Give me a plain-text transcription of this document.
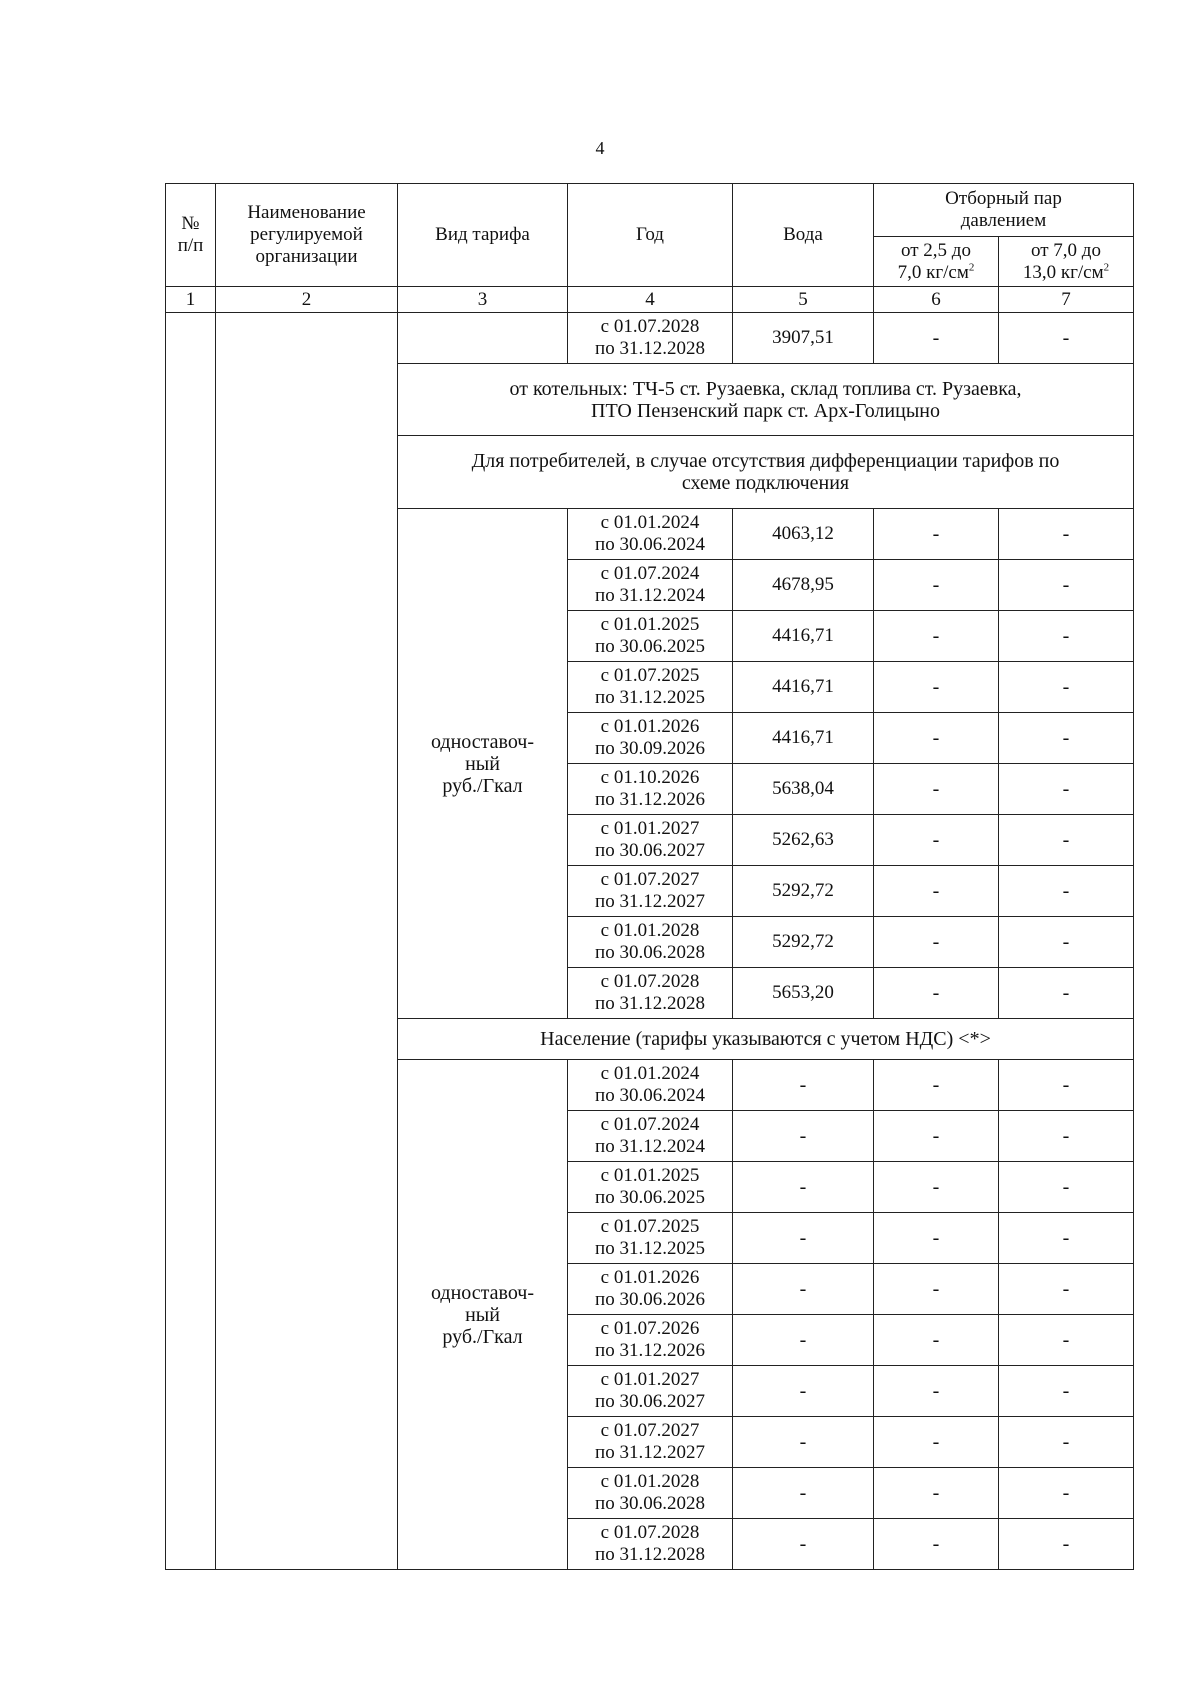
4
№
п/п	Наименование
регулируемой
организации	Вид тарифа	Год	Вода	Отборный пар
давлением	
					от 2,5 до
7,0 $кг/см^2$	от 7,0 до
13,0 $кг/см^2$
1	2	3	4	5	6	7
			с 01.07.2028
по 31.12.2028	3907,51	-	-
		от котельных: ТЧ-5 ст. Рузаевка, склад топлива ст. Рузаевка,
ПТО Пензенский парк ст. Арх-Голицыно				
		Для потребителей, в случае отсутствия дифференциации тарифов по
схеме подключения				
		одноставоч-
ный
руб./Гкал	с 01.01.2024
по 30.06.2024	4063,12	-	-
			с 01.07.2024
по 31.12.2024	4678,95	-	-
			с 01.01.2025
по 30.06.2025	4416,71	-	-
			с 01.07.2025
по 31.12.2025	4416,71	-	-
			с 01.01.2026
по 30.09.2026	4416,71	-	-
			с 01.10.2026
по 31.12.2026	5638,04	-	-
			с 01.01.2027
по 30.06.2027	5262,63	-	-
			с 01.07.2027
по 31.12.2027	5292,72	-	-
			с 01.01.2028
по 30.06.2028	5292,72	-	-
			с 01.07.2028
по 31.12.2028	5653,20	-	-
		Население (тарифы указываются с учетом НДС) <*>				
		одноставоч-
ный
руб./Гкал	с 01.01.2024
по 30.06.2024	-	-	-
			с 01.07.2024
по 31.12.2024	-	-	-
			с 01.01.2025
по 30.06.2025	-	-	-
			с 01.07.2025
по 31.12.2025	-	-	-
			с 01.01.2026
по 30.06.2026	-	-	-
			с 01.07.2026
по 31.12.2026	-	-	-
			с 01.01.2027
по 30.06.2027	-	-	-
			с 01.07.2027
по 31.12.2027	-	-	-
			с 01.01.2028
по 30.06.2028	-	-	-
			с 01.07.2028
по 31.12.2028	-	-	-
